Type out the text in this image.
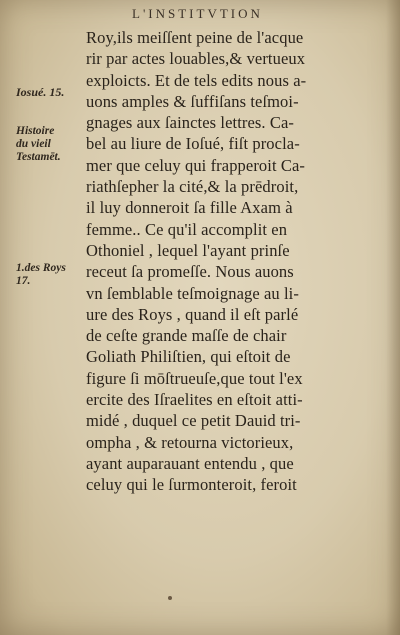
L'INSTITVTION
Iosué. 15.
Histoire
du vieil
Testamēt.
1.des Roys
17.
Roy,ils meiſſent peine de l'acque
rir par actes louables,& vertueux
exploicts. Et de tels edits nous a-
uons amples & ſuffiſans teſmoi-
gnages aux ſainctes lettres. Ca-
bel au liure de Ioſué, fiſt procla-
mer que celuy qui frapperoit Ca-
riathſepher la cité,& la prēdroit,
il luy donneroit ſa fille Axam à
femme.. Ce qu'il accomplit en
Othoniel , lequel l'ayant prinſe
receut ſa promeſſe. Nous auons
vn ſemblable teſmoignage au li-
ure des Roys , quand il eſt parlé
de ceſte grande maſſe de chair
Goliath Philiſtien, qui eſtoit de
figure ſi mōſtrueuſe,que tout l'ex
ercite des Iſraelites en eſtoit atti-
midé , duquel ce petit Dauid tri-
ompha , & retourna victorieux,
ayant auparauant entendu , que
celuy qui le ſurmonteroit, feroit
